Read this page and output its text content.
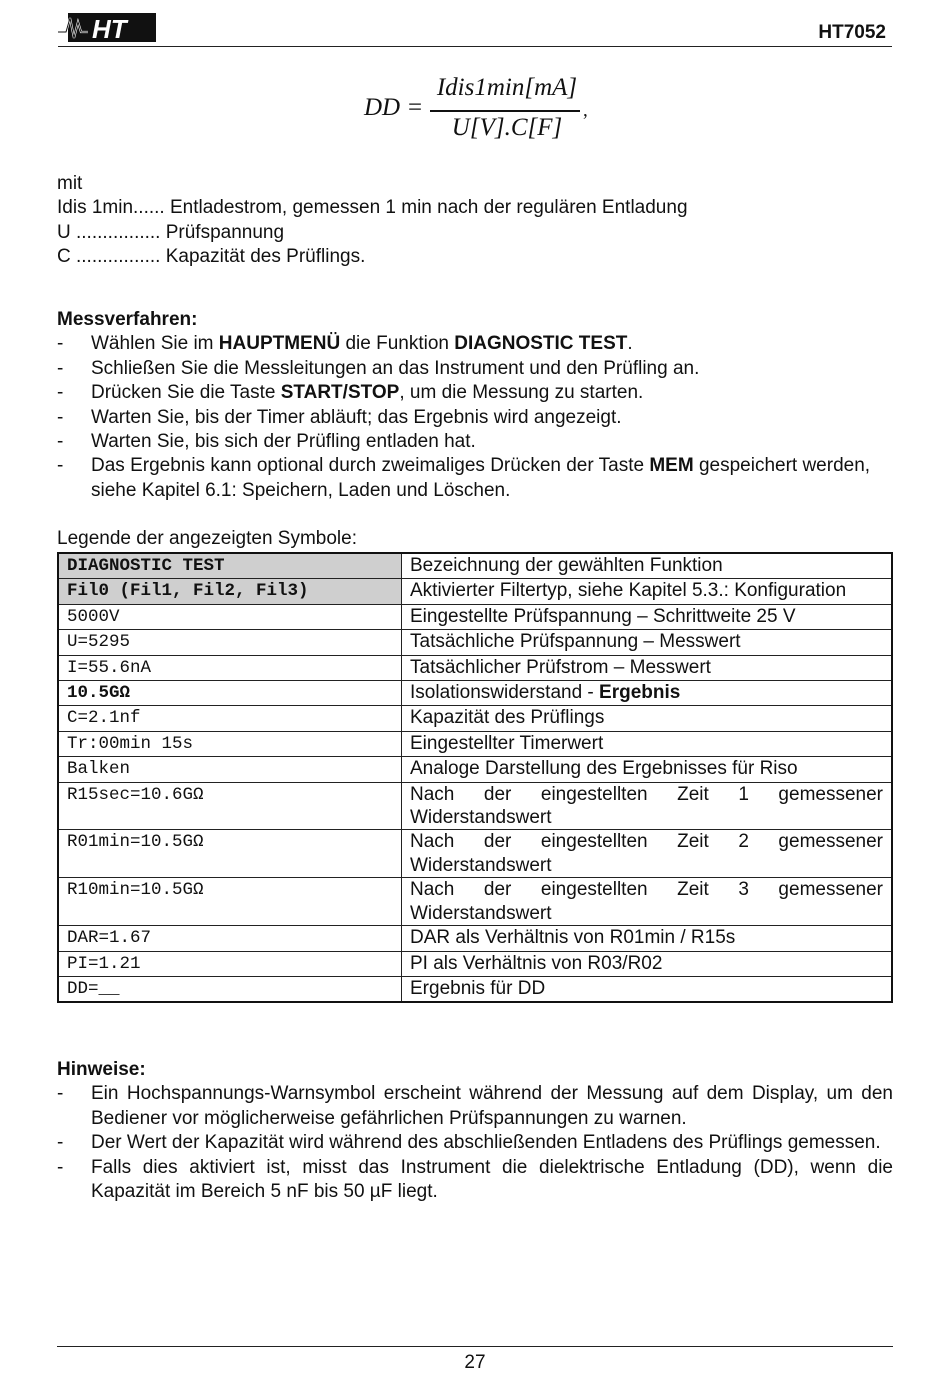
HT	HT7052
DD =
Idis1min[mA]
U[V].C[F]
,
mit
Idis 1min...... Entladestrom, gemessen 1 min nach der regulären Entladung
U ................ Prüfspannung
C ................ Kapazität des Prüflings.
Messverfahren:
- Wählen Sie im HAUPTMENÜ die Funktion DIAGNOSTIC TEST.
- Schließen Sie die Messleitungen an das Instrument und den Prüfling an.
- Drücken Sie die Taste START/STOP, um die Messung zu starten.
- Warten Sie, bis der Timer abläuft; das Ergebnis wird angezeigt.
- Warten Sie, bis sich der Prüfling entladen hat.
- Das Ergebnis kann optional durch zweimaliges Drücken der Taste MEM gespeichert werden, siehe Kapitel 6.1: Speichern, Laden und Löschen.
Legende der angezeigten Symbole:
DIAGNOSTIC TEST	Bezeichnung der gewählten Funktion
Fil0 (Fil1, Fil2, Fil3)	Aktivierter Filtertyp, siehe Kapitel 5.3.: Konfiguration
5000V	Eingestellte Prüfspannung – Schrittweite 25 V
U=5295	Tatsächliche Prüfspannung – Messwert
I=55.6nA	Tatsächlicher Prüfstrom – Messwert
10.5GΩ	Isolationswiderstand - Ergebnis
C=2.1nf	Kapazität des Prüflings
Tr:00min 15s	Eingestellter Timerwert
Balken	Analoge Darstellung des Ergebnisses für Riso
R15sec=10.6GΩ	Nach der eingestellten Zeit 1 gemessener Widerstandswert
R01min=10.5GΩ	Nach der eingestellten Zeit 2 gemessener Widerstandswert
R10min=10.5GΩ	Nach der eingestellten Zeit 3 gemessener Widerstandswert
DAR=1.67	DAR als Verhältnis von R01min / R15s
PI=1.21	PI als Verhältnis von R03/R02
DD=__	Ergebnis für DD
Hinweise:
- Ein Hochspannungs-Warnsymbol erscheint während der Messung auf dem Display, um den Bediener vor möglicherweise gefährlichen Prüfspannungen zu warnen.
- Der Wert der Kapazität wird während des abschließenden Entladens des Prüflings gemessen.
- Falls dies aktiviert ist, misst das Instrument die dielektrische Entladung (DD), wenn die Kapazität im Bereich 5 nF bis 50 µF liegt.
27
